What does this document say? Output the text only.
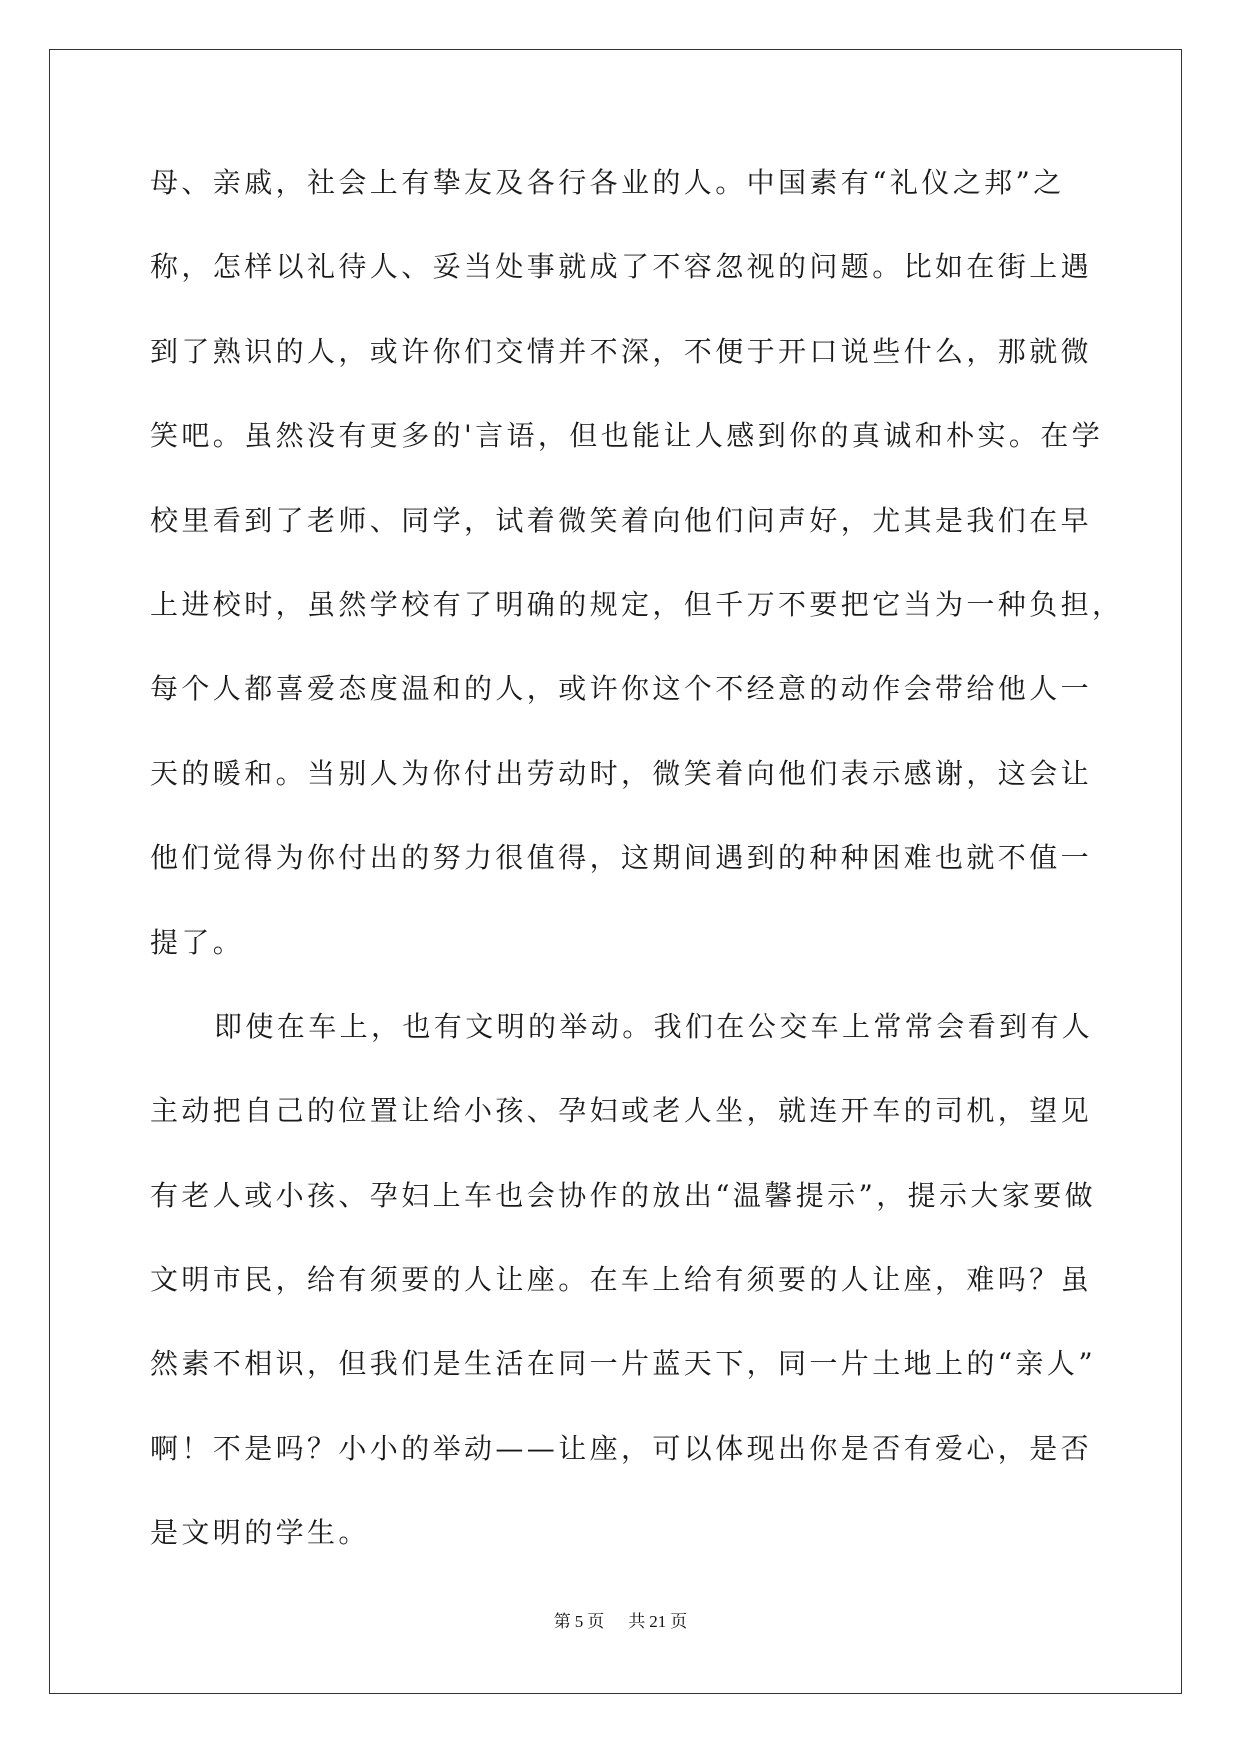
母、亲戚，社会上有挚友及各行各业的人。中国素有“礼仪之邦”之
称，怎样以礼待人、妥当处事就成了不容忽视的问题。比如在街上遇
到了熟识的人，或许你们交情并不深，不便于开口说些什么，那就微
笑吧。虽然没有更多的'言语，但也能让人感到你的真诚和朴实。在学
校里看到了老师、同学，试着微笑着向他们问声好，尤其是我们在早
上进校时，虽然学校有了明确的规定，但千万不要把它当为一种负担，
每个人都喜爱态度温和的人，或许你这个不经意的动作会带给他人一
天的暖和。当别人为你付出劳动时，微笑着向他们表示感谢，这会让
他们觉得为你付出的努力很值得，这期间遇到的种种困难也就不值一
提了。
即使在车上，也有文明的举动。我们在公交车上常常会看到有人
主动把自己的位置让给小孩、孕妇或老人坐，就连开车的司机，望见
有老人或小孩、孕妇上车也会协作的放出“温馨提示”，提示大家要做
文明市民，给有须要的人让座。在车上给有须要的人让座，难吗？虽
然素不相识，但我们是生活在同一片蓝天下，同一片土地上的“亲人”
啊！不是吗？小小的举动——让座，可以体现出你是否有爱心，是否
是文明的学生。
第 5 页 共 21 页
